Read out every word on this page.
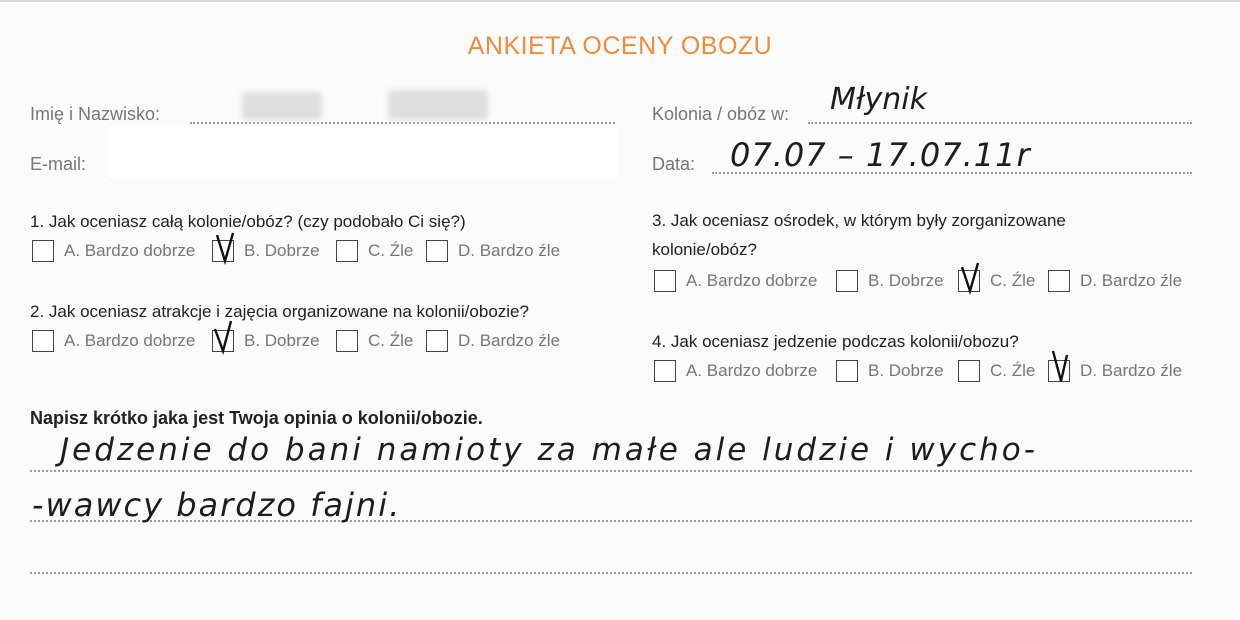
ANKIETA OCENY OBOZU
Imię i Nazwisko:
E-mail:
Kolonia / obóz w: Młynik
Data: 07.07 – 17.07.11r
1. Jak oceniasz całą kolonie/obóz? (czy podobało Ci się?)
A. Bardzo dobrze	B. Dobrze	C. Źle	D. Bardzo źle
2. Jak oceniasz atrakcje i zajęcia organizowane na kolonii/obozie?
A. Bardzo dobrze	B. Dobrze	C. Źle	D. Bardzo źle
3. Jak oceniasz ośrodek, w którym były zorganizowane kolonie/obóz?
A. Bardzo dobrze	B. Dobrze	C. Źle	D. Bardzo źle
4. Jak oceniasz jedzenie podczas kolonii/obozu?
A. Bardzo dobrze	B. Dobrze	C. Źle	D. Bardzo źle
Napisz krótko jaka jest Twoja opinia o kolonii/obozie.
Jedzenie do bani namioty za małe ale ludzie i wycho-
-wawcy bardzo fajni.
